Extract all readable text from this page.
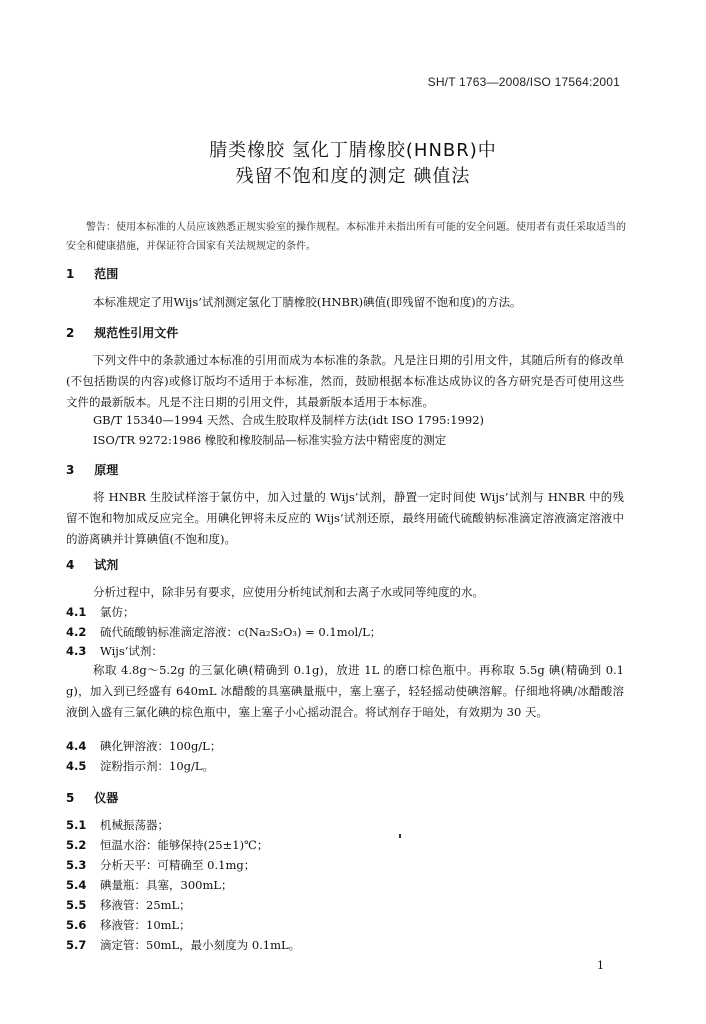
SH/T 1763—2008/ISO 17564:2001
腈类橡胶 氢化丁腈橡胶(HNBR)中
残留不饱和度的测定 碘值法
警告：使用本标准的人员应该熟悉正规实验室的操作规程。本标准并未指出所有可能的安全问题。使用者有责任采取适当的安全和健康措施，并保证符合国家有关法规规定的条件。
1 范围
本标准规定了用Wijs’试剂测定氢化丁腈橡胶(HNBR)碘值(即残留不饱和度)的方法。
2 规范性引用文件
下列文件中的条款通过本标准的引用而成为本标准的条款。凡是注日期的引用文件，其随后所有的修改单(不包括勘误的内容)或修订版均不适用于本标准，然而，鼓励根据本标准达成协议的各方研究是否可使用这些文件的最新版本。凡是不注日期的引用文件，其最新版本适用于本标准。
GB/T 15340—1994 天然、合成生胶取样及制样方法(idt ISO 1795:1992)
ISO/TR 9272:1986 橡胶和橡胶制品—标准实验方法中精密度的测定
3 原理
将 HNBR 生胶试样溶于氯仿中，加入过量的 Wijs’试剂，静置一定时间使 Wijs’试剂与 HNBR 中的残留不饱和物加成反应完全。用碘化钾将未反应的 Wijs’试剂还原，最终用硫代硫酸钠标准滴定溶液滴定溶液中的游离碘并计算碘值(不饱和度)。
4 试剂
分析过程中，除非另有要求，应使用分析纯试剂和去离子水或同等纯度的水。
4.1 氯仿；
4.2 硫代硫酸钠标准滴定溶液：c(Na₂S₂O₃) = 0.1mol/L；
4.3 Wijs’试剂：
称取 4.8g～5.2g 的三氯化碘(精确到 0.1g)，放进 1L 的磨口棕色瓶中。再称取 5.5g 碘(精确到 0.1g)，加入到已经盛有 640mL 冰醋酸的具塞碘量瓶中，塞上塞子，轻轻摇动使碘溶解。仔细地将碘/冰醋酸溶液倒入盛有三氯化碘的棕色瓶中，塞上塞子小心摇动混合。将试剂存于暗处，有效期为 30 天。
4.4 碘化钾溶液：100g/L；
4.5 淀粉指示剂：10g/L。
5 仪器
5.1 机械振荡器；
5.2 恒温水浴：能够保持(25±1)℃；
5.3 分析天平：可精确至 0.1mg；
5.4 碘量瓶：具塞，300mL；
5.5 移液管：25mL；
5.6 移液管：10mL；
5.7 滴定管：50mL，最小刻度为 0.1mL。
1
